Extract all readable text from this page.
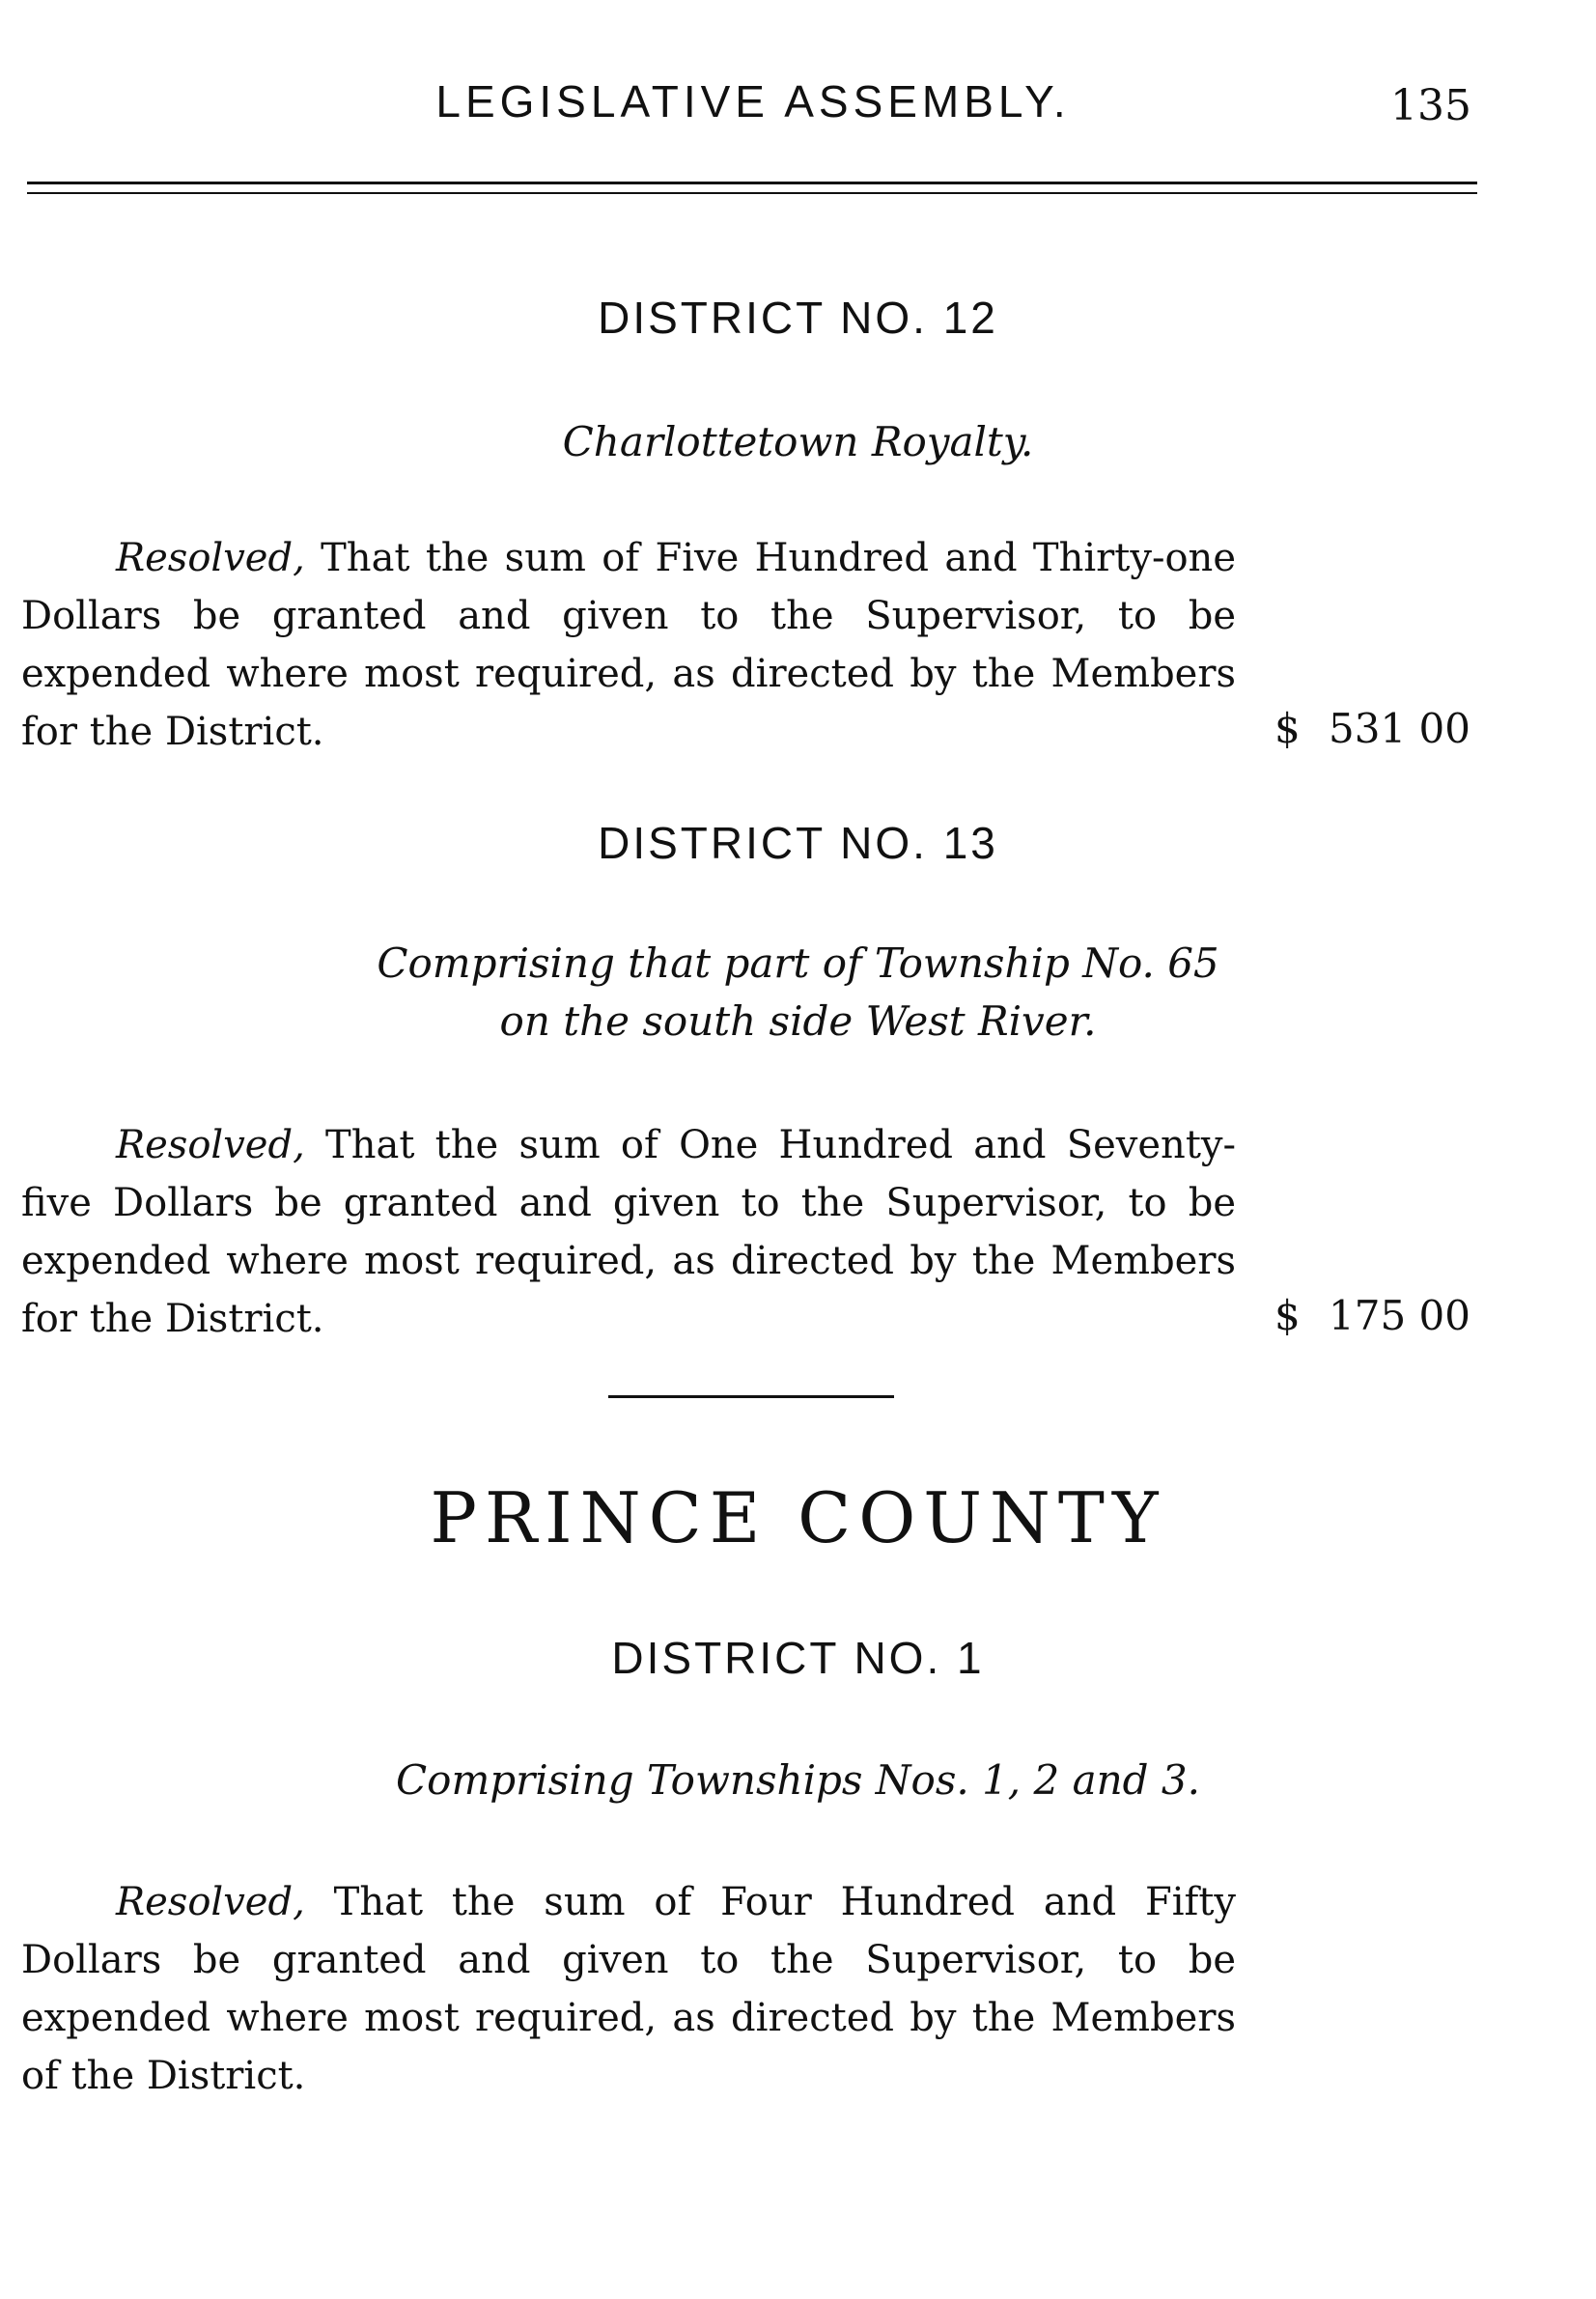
LEGISLATIVE ASSEMBLY.	135
DISTRICT NO. 12
Charlottetown Royalty.
Resolved, That the sum of Five Hundred and Thirty-one Dollars be granted and given to the Supervisor, to be expended where most required, as directed by the Members for the District.	$ 531 00
DISTRICT NO. 13
Comprising that part of Township No. 65
on the south side West River.
Resolved, That the sum of One Hundred and Seventy-five Dollars be granted and given to the Supervisor, to be expended where most required, as directed by the Members for the District.	$ 175 00
PRINCE COUNTY
DISTRICT NO. 1
Comprising Townships Nos. 1, 2 and 3.
Resolved, That the sum of Four Hundred and Fifty Dollars be granted and given to the Supervisor, to be expended where most required, as directed by the Members of the District.
